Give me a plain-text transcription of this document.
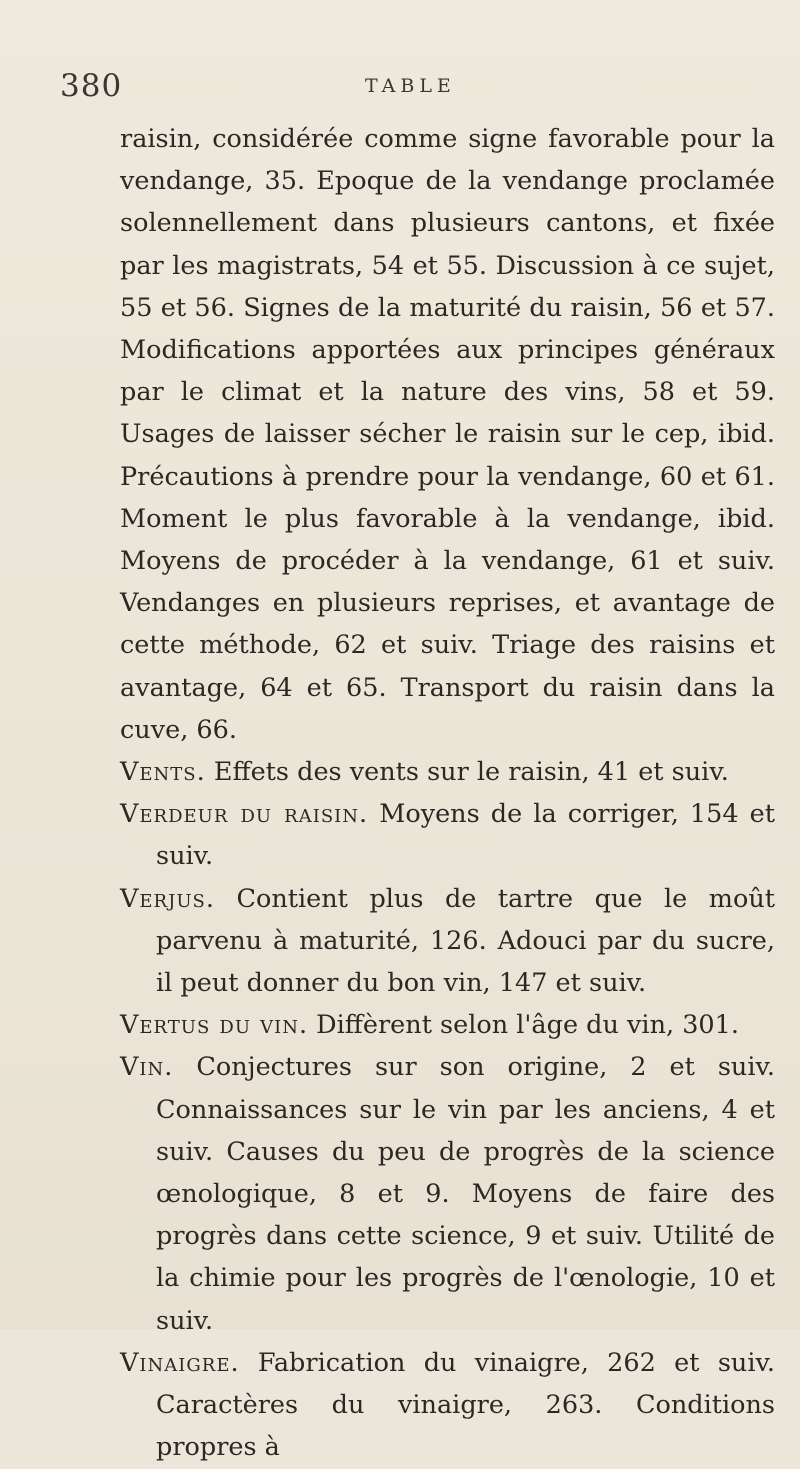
380	TABLE

raisin, considérée comme signe favorable pour la vendange, 35. Epoque de la vendange proclamée solennellement dans plusieurs cantons, et fixée par les magistrats, 54 et 55. Discussion à ce sujet, 55 et 56. Signes de la maturité du raisin, 56 et 57. Modifications apportées aux principes généraux par le climat et la nature des vins, 58 et 59. Usages de laisser sécher le raisin sur le cep, ibid. Précautions à prendre pour la vendange, 60 et 61. Moment le plus favorable à la vendange, ibid. Moyens de procéder à la vendange, 61 et suiv. Vendanges en plusieurs reprises, et avantage de cette méthode, 62 et suiv. Triage des raisins et avantage, 64 et 65. Transport du raisin dans la cuve, 66.

Vents. Effets des vents sur le raisin, 41 et suiv.

Verdeur du raisin. Moyens de la corriger, 154 et suiv.

Verjus. Contient plus de tartre que le moût parvenu à maturité, 126. Adouci par du sucre, il peut donner du bon vin, 147 et suiv.

Vertus du vin. Diffèrent selon l'âge du vin, 301.

Vin. Conjectures sur son origine, 2 et suiv. Connaissances sur le vin par les anciens, 4 et suiv. Causes du peu de progrès de la science œnologique, 8 et 9. Moyens de faire des progrès dans cette science, 9 et suiv. Utilité de la chimie pour les progrès de l'œnologie, 10 et suiv.

Vinaigre. Fabrication du vinaigre, 262 et suiv. Caractères du vinaigre, 263. Conditions propres à
